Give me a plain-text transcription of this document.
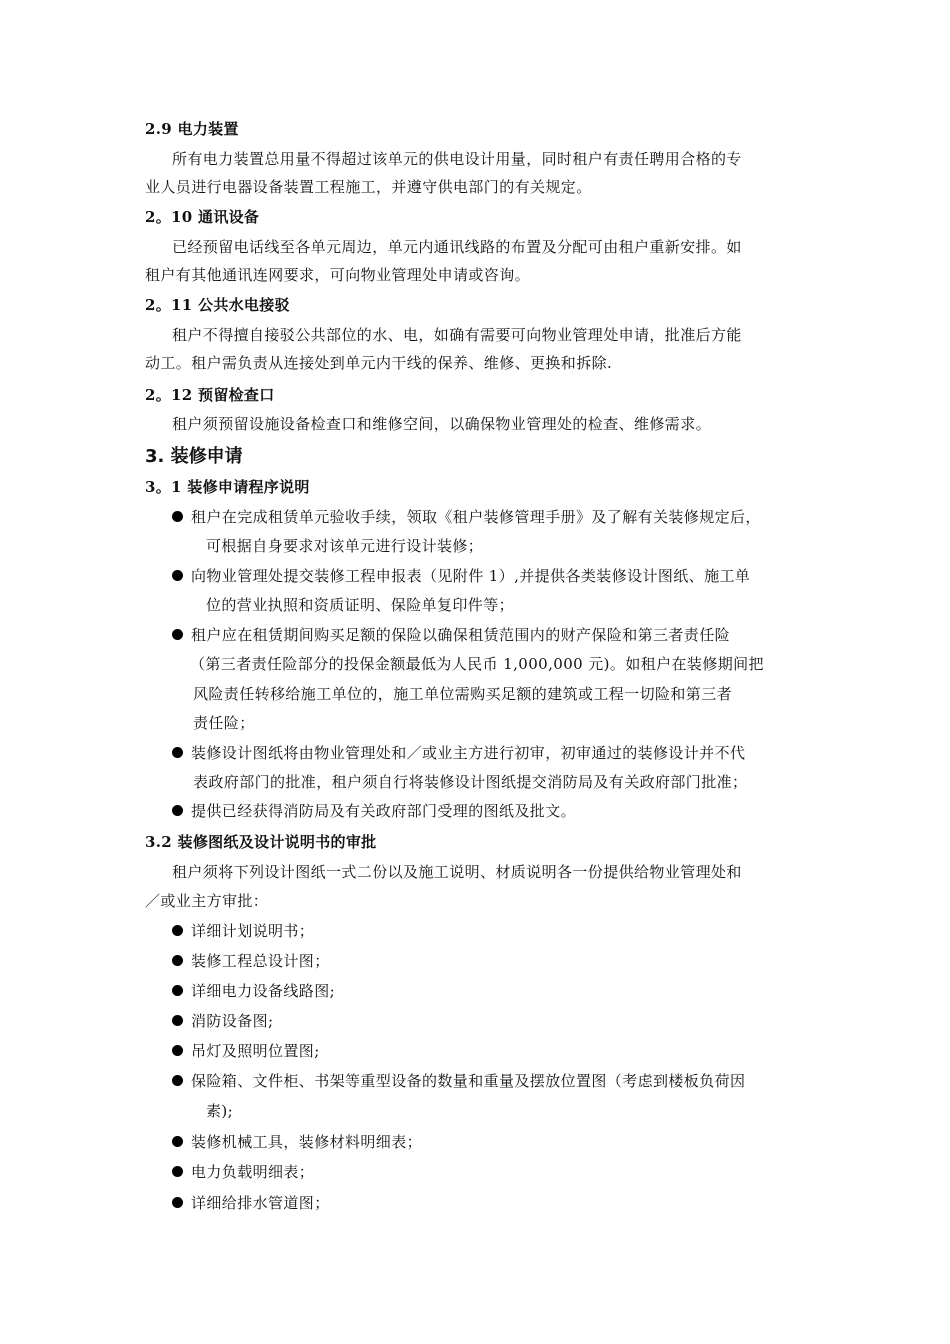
2.9 电力装置
所有电力装置总用量不得超过该单元的供电设计用量，同时租户有责任聘用合格的专
业人员进行电器设备装置工程施工，并遵守供电部门的有关规定。
2。10 通讯设备
已经预留电话线至各单元周边，单元内通讯线路的布置及分配可由租户重新安排。如
租户有其他通讯连网要求，可向物业管理处申请或咨询。
2。11 公共水电接驳
租户不得擅自接驳公共部位的水、电，如确有需要可向物业管理处申请，批准后方能
动工。租户需负责从连接处到单元内干线的保养、维修、更换和拆除.
2。12 预留检查口
租户须预留设施设备检查口和维修空间，以确保物业管理处的检查、维修需求。
3. 装修申请
3。1 装修申请程序说明
租户在完成租赁单元验收手续，领取《租户装修管理手册》及了解有关装修规定后，
可根据自身要求对该单元进行设计装修；
向物业管理处提交装修工程申报表（见附件 1）,并提供各类装修设计图纸、施工单
位的营业执照和资质证明、保险单复印件等；
租户应在租赁期间购买足额的保险以确保租赁范围内的财产保险和第三者责任险
（第三者责任险部分的投保金额最低为人民币 1,000,000 元)。如租户在装修期间把
风险责任转移给施工单位的，施工单位需购买足额的建筑或工程一切险和第三者
责任险；
装修设计图纸将由物业管理处和／或业主方进行初审，初审通过的装修设计并不代
表政府部门的批准，租户须自行将装修设计图纸提交消防局及有关政府部门批准；
提供已经获得消防局及有关政府部门受理的图纸及批文。
3.2 装修图纸及设计说明书的审批
租户须将下列设计图纸一式二份以及施工说明、材质说明各一份提供给物业管理处和
／或业主方审批：
详细计划说明书；
装修工程总设计图；
详细电力设备线路图;
消防设备图;
吊灯及照明位置图;
保险箱、文件柜、书架等重型设备的数量和重量及摆放位置图（考虑到楼板负荷因
素);
装修机械工具，装修材料明细表；
电力负载明细表；
详细给排水管道图；
